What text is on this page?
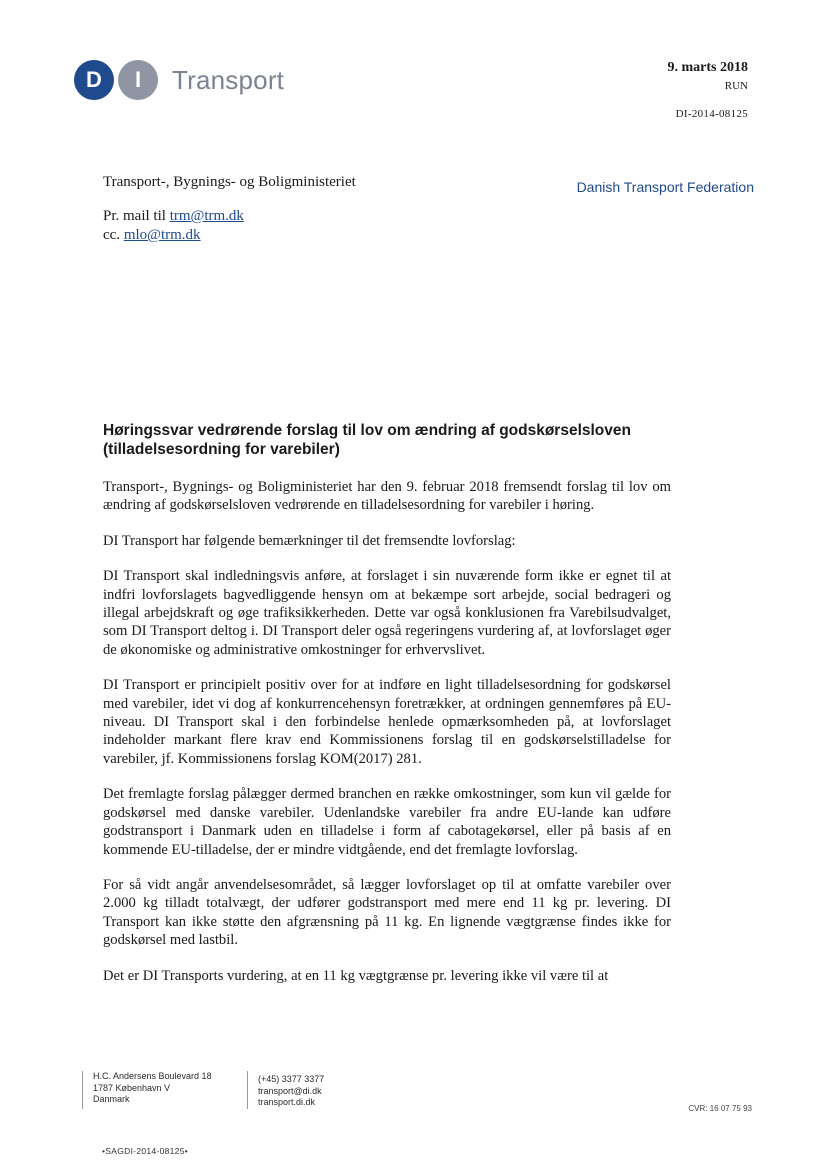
D	I	Transport	9. marts 2018
RUN
DI-2014-08125
Transport-, Bygnings- og Boligministeriet	Danish Transport Federation
Pr. mail til trm@trm.dk
cc. mlo@trm.dk
Høringssvar vedrørende forslag til lov om ændring af godskørselsloven (tilladelsesordning for varebiler)

Transport-, Bygnings- og Boligministeriet har den 9. februar 2018 fremsendt forslag til lov om ændring af godskørselsloven vedrørende en tilladelsesordning for varebiler i høring.

DI Transport har følgende bemærkninger til det fremsendte lovforslag:

DI Transport skal indledningsvis anføre, at forslaget i sin nuværende form ikke er egnet til at indfri lovforslagets bagvedliggende hensyn om at bekæmpe sort arbejde, social bedrageri og illegal arbejdskraft og øge trafiksikkerheden. Dette var også konklusionen fra Varebilsudvalget, som DI Transport deltog i. DI Transport deler også regeringens vurdering af, at lovforslaget øger de økonomiske og administrative omkostninger for erhvervslivet.

DI Transport er principielt positiv over for at indføre en light tilladelsesordning for godskørsel med varebiler, idet vi dog af konkurrencehensyn foretrækker, at ordningen gennemføres på EU-niveau. DI Transport skal i den forbindelse henlede opmærksomheden på, at lovforslaget indeholder markant flere krav end Kommissionens forslag til en godskørselstilladelse for varebiler, jf. Kommissionens forslag KOM(2017) 281.

Det fremlagte forslag pålægger dermed branchen en række omkostninger, som kun vil gælde for godskørsel med danske varebiler. Udenlandske varebiler fra andre EU-lande kan udføre godstransport i Danmark uden en tilladelse i form af cabotagekørsel, eller på basis af en kommende EU-tilladelse, der er mindre vidtgående, end det fremlagte lovforslag.

For så vidt angår anvendelsesområdet, så lægger lovforslaget op til at omfatte varebiler over 2.000 kg tilladt totalvægt, der udfører godstransport med mere end 11 kg pr. levering. DI Transport kan ikke støtte den afgrænsning på 11 kg. En lignende vægtgrænse findes ikke for godskørsel med lastbil.

Det er DI Transports vurdering, at en 11 kg vægtgrænse pr. levering ikke vil være til at

H.C. Andersens Boulevard 18
1787 København V
Danmark
(+45) 3377 3377
transport@di.dk
transport.di.dk
CVR: 16 07 75 93
•SAGDI-2014-08125•
